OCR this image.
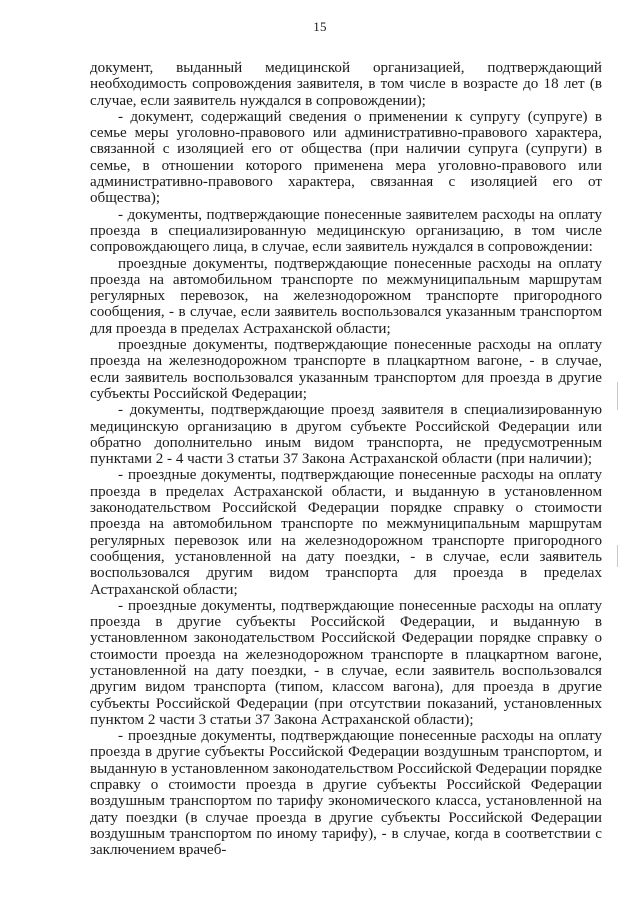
15

документ, выданный медицинской организацией, подтверждающий необходимость сопровождения заявителя, в том числе в возрасте до 18 лет (в случае, если заявитель нуждался в сопровождении);

- документ, содержащий сведения о применении к супругу (супруге) в семье меры уголовно-правового или административно-правового характера, связанной с изоляцией его от общества (при наличии супруга (супруги) в семье, в отношении которого применена мера уголовно-правового или административно-правового характера, связанная с изоляцией его от общества);

- документы, подтверждающие понесенные заявителем расходы на оплату проезда в специализированную медицинскую организацию, в том числе сопровождающего лица, в случае, если заявитель нуждался в сопровождении:

проездные документы, подтверждающие понесенные расходы на оплату проезда на автомобильном транспорте по межмуниципальным маршрутам регулярных перевозок, на железнодорожном транспорте пригородного сообщения, - в случае, если заявитель воспользовался указанным транспортом для проезда в пределах Астраханской области;

проездные документы, подтверждающие понесенные расходы на оплату проезда на железнодорожном транспорте в плацкартном вагоне, - в случае, если заявитель воспользовался указанным транспортом для проезда в другие субъекты Российской Федерации;

- документы, подтверждающие проезд заявителя в специализированную медицинскую организацию в другом субъекте Российской Федерации или обратно дополнительно иным видом транспорта, не предусмотренным пунктами 2 - 4 части 3 статьи 37 Закона Астраханской области (при наличии);

- проездные документы, подтверждающие понесенные расходы на оплату проезда в пределах Астраханской области, и выданную в установленном законодательством Российской Федерации порядке справку о стоимости проезда на автомобильном транспорте по межмуниципальным маршрутам регулярных перевозок или на железнодорожном транспорте пригородного сообщения, установленной на дату поездки, - в случае, если заявитель воспользовался другим видом транспорта для проезда в пределах Астраханской области;

- проездные документы, подтверждающие понесенные расходы на оплату проезда в другие субъекты Российской Федерации, и выданную в установленном законодательством Российской Федерации порядке справку о стоимости проезда на железнодорожном транспорте в плацкартном вагоне, установленной на дату поездки, - в случае, если заявитель воспользовался другим видом транспорта (типом, классом вагона), для проезда в другие субъекты Российской Федерации (при отсутствии показаний, установленных пунктом 2 части 3 статьи 37 Закона Астраханской области);

- проездные документы, подтверждающие понесенные расходы на оплату проезда в другие субъекты Российской Федерации воздушным транспортом, и выданную в установленном законодательством Российской Федерации порядке справку о стоимости проезда в другие субъекты Российской Федерации воздушным транспортом по тарифу экономического класса, установленной на дату поездки (в случае проезда в другие субъекты Российской Федерации воздушным транспортом по иному тарифу), - в случае, когда в соответствии с заключением врачеб-
